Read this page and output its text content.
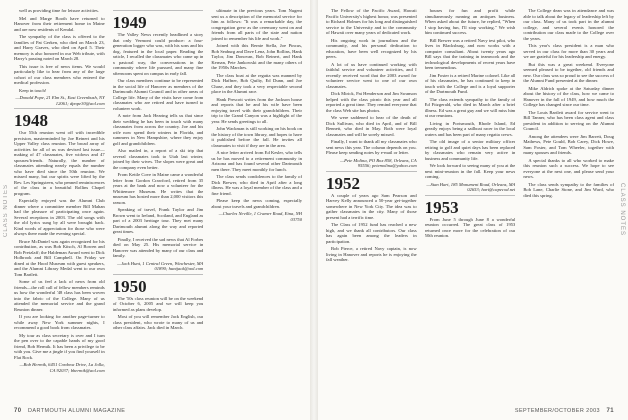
CLASS NOTES

well as providing time for leisure activities.

Mel and Marge Booth have returned to Hanover from their retirement home in Maine and are now residents of Kendal.

The sympathy of the class is offered to the families of Pat Gerken, who died on March 23, and Harry Graves, who died on April 5. Their memory is also honored in our Web tribute, with Harry's passing noted on March 28.

This issue is free of news items. We would particularly like to hear from any of the large cohort of our class members who entered the medical profession.

Keep in touch!

—Donald Pope, 21 Elm St., East Greenbush, NY 12061; dpope30@aol.com

1948

Our 55th reunion went off with incredible precision, masterminded by Joe Reinert and his Upper Valley class reunion. The broad array of activities for all of us was devised last issue—making of 47 classmates, five widows and 47 spouses/friends. Naturally, the number of classmates attending nearly equals the number who have died since the 50th reunion. We missed many, but our spirits were lifted by the Rev. Les Springsteen, who penned reminiscences of the class in a beautiful Rollins Chapel program.

Especially enjoyed was the Alumni Club dinner where a committee member Bill Mahan had the pleasure of participating once again. Several receptions in 2003. The old songs with the old lyrics sung by all were brought back. Kind words of appreciation for those who were always there made the evening special.

Bruce McDaniel was again recognized for his contribution, as was Bob Kitsch, Al Bowen and Bob Pretzlaff; the Haldeman Award went to Dick Holbrook and Bill Campbell. On Friday we dined at the Hood Museum with guest speakers, and the Alumni Library Medal went to our own Tom Bartlett.

Some of us feel a lack of news from old friends—the roll call of fellow members reminds us how the wonderful '48 class has been woven into the fabric of the College. Many of us attended the memorial service and the grand Reunion dinner.

If you are looking for another page-turner to while away New York summer nights, I recommend a good book from classmates.

My tour as class secretary is over and I turn the pen over to the capable hands of my good friend, Bob Hermik. It has been a privilege to be with you. Give me a jingle if you find yourself in Flat Rock.

—Bob Hermik, 6451 Cordova Drive, La Jolla, CA 92037; bhermik@aol.com

1949

The Valley News recently headlined a story that only Vermont could produce: a four-generation logger who was, with his sons and his dog, featured in the local paper. Reading the article, I recalled the classmates who came up in a pastoral way, the conversations in the community where life pursued, and many fine afternoons spent on campus in early fall.

Our class members continue to be represented in the social life of Hanover as members of the Dartmouth Alumni Council and in other areas of College life. Many of the visits have come from classmates who are retired and have turned to volunteer work.

A note from Jack Hearing tells us that since their wedding he has been in touch with many classmates from across the country. Joe and his wife now spend their winters in Florida, and summers in New Hampshire, where they enjoy golf and grandchildren.

Also mailed in, a report of a ski trip that several classmates took to Utah last winter, joined by their wives. The slopes were great and the company even better.

From Kettle Cove in Maine came a wonderful letter from Gordon Crawford, retired from 35 years at the bank and now a volunteer for the Whittemore Museum. He writes that the museum has hosted more than 2,000 visitors this season.

Speaking of travel, Frank Taylor and Jim Brown went to Ireland, Scotland, and England as part of a 2003 heritage tour. They met many Dartmouth alumni along the way and reported great times.

Finally, I received the sad news that Al Forbes died on May 25. His memorial service in Hanover was attended by many of our class and family.

—Jack Hunt, 1 Central Green, Winchester, MA 01890; huntjack@aol.com

1950

The '50s class reunion will be on the weekend of October 6, 2005 and we will keep you informed as plans develop.

Most of you will remember Jack English, our class president, who wrote to many of us and other class affairs. Jack died in March.

ultimate in the previous years. Tom Nugent sent us a description of the memorial service for him as follows: "It was a remarkable day, the congregation grew as the ceremony went on and friends from all parts of the state and nation joined to remember his life and work."

Joined with this Bernie Stella, Joe Pincus, Bob Seaburg and Dave Lenz, John Rollins, Hank Taylor, Jim Donovan, Bob Reinert, and Hank Kernan, Pete Jankowski and the many others of the 1950s Marches.

The class boat at the regatta was manned by Dick Haffner, Bob Quilty, Ed Dunn, and Joe Chase, and they took a very respectable second place in the Alumni race.

Hank Prescott writes from the Jackson house and reports that he and his wife have been enjoying travel with their grandchildren. Their trip to the Grand Canyon was a highlight of the year. He sends greetings to all.

John Wackman is still working on his book on the history of the town library, and hopes to have it published before the fall. He invites all classmates to visit if they are in the area.

A nice letter arrived from Ed Kesler, who tells us he has moved to a retirement community in Arizona and has found several other Dartmouth men there. They meet monthly for lunch.

The class sends condolences to the family of Dick Brewer, who died in April after a long illness. He was a loyal member of the class and a fine friend.

Please keep the news coming, especially about your travels and grandchildren.

—Charles Neville, 1 Cramer Road, Etna, NH 03750

70 DARTMOUTH ALUMNI MAGAZINE
CLASS NOTES

The Fellow of the Pacific Award, Hawaii Pacific University's highest honor, was presented to Richard Holmes for his long and distinguished service to the University and to the community of Hawaii over many years of dedicated work.

His ongoing work in journalism and the community, and his personal dedication to education, have been well recognized by his peers.

A lot of us have continued working with faithful service and volunteer activities, and I recently received word that the 2003 award for volunteer service went to one of our own classmates.

Dick Mirick, Pat Henderson and Jim Swanson helped with the class picnic this year and all reported a great time. They remind everyone that the class Web site has photos.

We were saddened to hear of the death of Dick Sullivan, who died in April, and of Bill Bennett, who died in May. Both were loyal classmates and will be sorely missed.

Finally, I want to thank all my classmates who sent news this year. The column depends on you. Please keep sending notes by e-mail or letter.

—Pete Molina, PO Box 858, Orleans, CA 95556; petemolina@yahoo.com

1952

A couple of years ago Sam Pearson and Harvey Kelly announced a 50-year get-together somewhere in New York City. The idea was to gather classmates in the city. Many of those present had a terrific time.

The Class of 1952 fund has reached a new high, and we thank all contributors. Our class has again been among the leaders in participation.

Bob Pierce, a retired Navy captain, is now living in Hanover and reports he is enjoying the fall weather.

houses for fun and profit while simultaneously running an antiques business. When asked about the future, he replied, "When I stop having fun, I'll stop working." We wish him continued success.

Bill Brewer was a retired Navy test pilot, who lives in Blacksburg, and now works with a computer consultant. About twenty years ago Bill says that the training in teamwork and the technological developments of recent years have been tremendous.

Jim Foster is a retired Marine colonel. Like all of his classmates, he has continued to keep in touch with the College and is a loyal supporter of the Dartmouth Fund.

The class extends sympathy to the family of Ed Fitzgerald, who died in March after a brief illness. Ed was a great guy and we will miss him at our reunions.

Living in Portsmouth, Rhode Island, Ed greatly enjoys being a sailboat racer in the local waters and has been part of many regatta crews.

The old image of a senior military officer retiring to golf and quiet days has been replaced by classmates who remain very active in business and community life.

We look forward to seeing many of you at the next mini-reunion in the fall. Keep your news coming.

—Stan Hart, 185 Monument Road, Orleans, MA 02653; hart@capecod.net

1953

From June 5 through June 8 a wonderful reunion occurred. The great class of 1953 returned once more for the celebration of our 50th reunion.

The College dean was in attendance and was able to talk about the legacy of leadership left by our class. Many of us took part in the alumni college, and several events honored the contribution our class made to the College over the years.

This year's class president is a man who served in our class for more than 30 years and we are grateful for his leadership and energy.

But this was a great weekend. Everyone seemed pleased to be together, old friends and new. Our class was so proud to see the success of the Alumni Fund presented at the dinner.

Mike Aldrich spoke at the Saturday dinner about the history of the class, how we came to Hanover in the fall of 1949, and how much the College has changed since our time.

The Louis Bartlett award for service went to Bill Tanner, who has been class agent and class president in addition to serving on the Alumni Council.

Among the attendees were Jim Barrett, Doug Mathews, Pete Gould, Bob Carey, Dick Howe, Sam Foster, and Tom Wheeler, together with many spouses and friends.

A special thanks to all who worked to make this reunion such a success. We hope to see everyone at the next one, and please send your news.

The class sends sympathy to the families of Bob Lane, Charlie Stone, and Jim Ward, who died this spring.

SEPTEMBER/OCTOBER 2003 71
